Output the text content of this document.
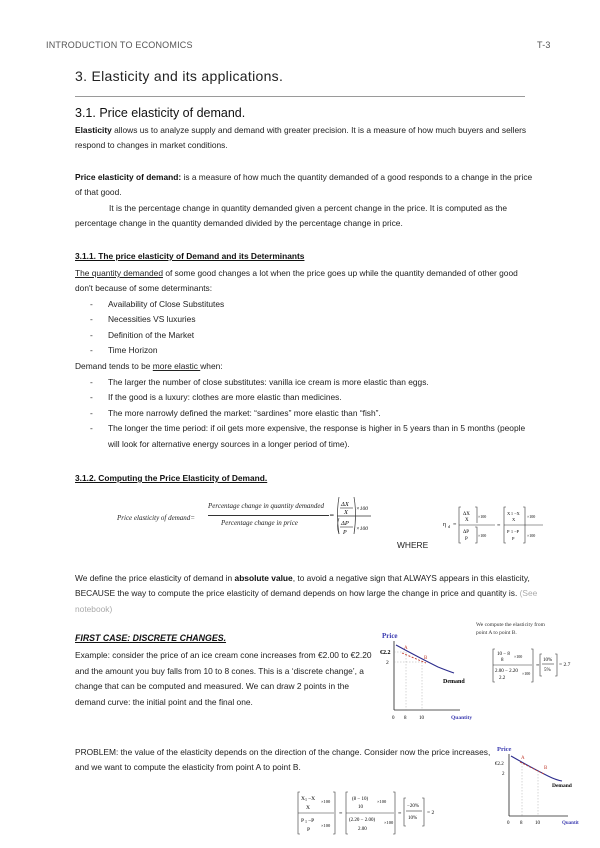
INTRODUCTION TO ECONOMICS	T-3
3. Elasticity and its applications.
3.1. Price elasticity of demand.
Elasticity allows us to analyze supply and demand with greater precision. It is a measure of how much buyers and sellers respond to changes in market conditions.
Price elasticity of demand: is a measure of how much the quantity demanded of a good responds to a change in the price of that good.
It is the percentage change in quantity demanded given a percent change in the price. It is computed as the percentage change in the quantity demanded divided by the percentage change in price.
3.1.1. The price elasticity of Demand and its Determinants
The quantity demanded of some good changes a lot when the price goes up while the quantity demanded of other good don't because of some determinants:
- Availability of Close Substitutes
- Necessities VS luxuries
- Definition of the Market
- Time Horizon
Demand tends to be more elastic when:
- The larger the number of close substitutes: vanilla ice cream is more elastic than eggs.
- If the good is a luxury: clothes are more elastic than medicines.
- The more narrowly defined the market: “sardines” more elastic than “fish”.
- The longer the time period: if oil gets more expensive, the response is higher in 5 years than in 5 months (people will look for alternative energy sources in a longer period of time).
3.1.2. Computing the Price Elasticity of Demand.
Price elasticity of demand=
Percentage change in quantity demanded
Percentage change in price
=
ΔX
X ×100
ΔP
P
×100
η d =
ΔX
X
ΔP
P
×100
×100
=
X 1 −X
X
P 1 −P
P
×100
×100
WHERE
We define the price elasticity of demand in absolute value, to avoid a negative sign that ALWAYS appears in this elasticity, BECAUSE the way to compute the price elasticity of demand depends on how large the change in price and quantity is. (See notebook)
FIRST CASE: DISCRETE CHANGES.
Example: consider the price of an ice cream cone increases from €2.00 to €2.20 and the amount you buy falls from 10 to 8 cones. This is a ‘discrete change’, a change that can be computed and measured. We can draw 2 points in the demand curve: the initial point and the final one.
Price
€2.2
2
A
B
Demand
0 8	10	Quantity
We compute the elasticity from
point A to point B.
10 − 8 ×100
8
2.00 − 2.20 ×100
2.2
=
10%
5%
= 2.7
PROBLEM: the value of the elasticity depends on the direction of the change. Consider now the price increases, and we want to compute the elasticity from point A to point B.
Price
€2.2
2
A
B
Demand
0 8	10	Quantit
X 1 −X
X
×100
P 1 −P
P
×100
=
(8 − 10) ×100
10
(2.20 − 2.00) ×100
2.00
=
−20%
10%
= 2
